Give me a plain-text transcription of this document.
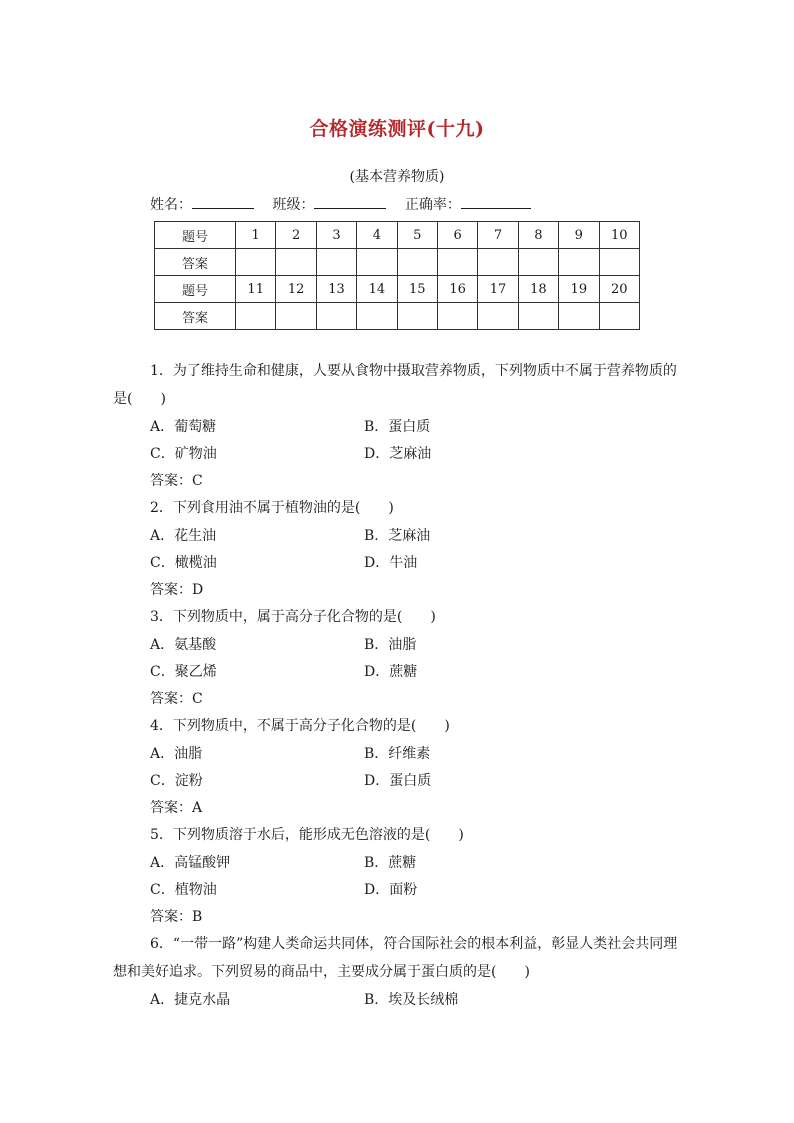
合格演练测评(十九)
(基本营养物质)
姓名：	班级：	正确率：
题号	1	2	3	4	5	6	7	8	9	10
答案										
题号	11	12	13	14	15	16	17	18	19	20
答案										
1．为了维持生命和健康，人要从食物中摄取营养物质，下列物质中不属于营养物质的
是(　　)
A．葡萄糖	B．蛋白质
C．矿物油	D．芝麻油
答案：C
2．下列食用油不属于植物油的是(　　)
A．花生油	B．芝麻油
C．橄榄油	D．牛油
答案：D
3．下列物质中，属于高分子化合物的是(　　)
A．氨基酸	B．油脂
C．聚乙烯	D．蔗糖
答案：C
4．下列物质中，不属于高分子化合物的是(　　)
A．油脂	B．纤维素
C．淀粉	D．蛋白质
答案：A
5．下列物质溶于水后，能形成无色溶液的是(　　)
A．高锰酸钾	B．蔗糖
C．植物油	D．面粉
答案：B
6．“一带一路”构建人类命运共同体，符合国际社会的根本利益，彰显人类社会共同理
想和美好追求。下列贸易的商品中，主要成分属于蛋白质的是(　　)
A．捷克水晶	B．埃及长绒棉
